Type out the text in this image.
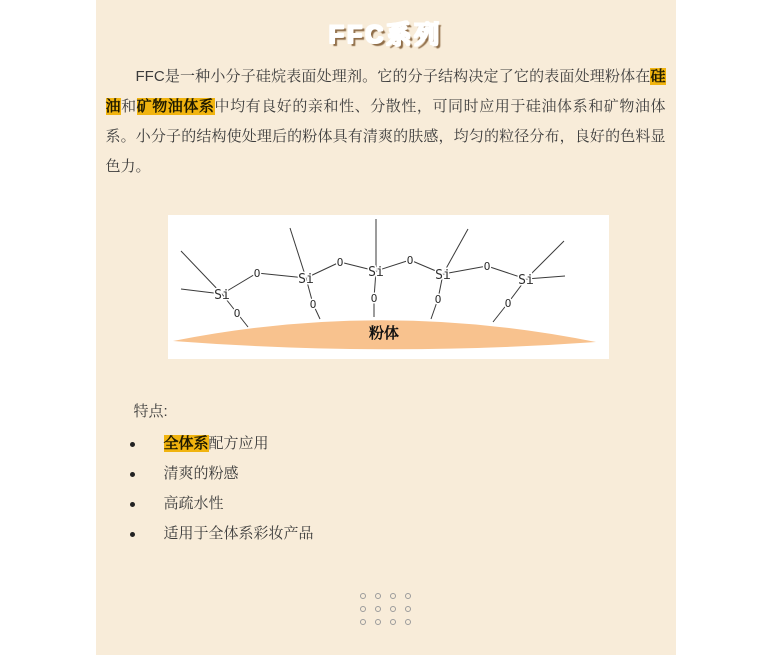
FFC系列

FFC是一种小分子硅烷表面处理剂。它的分子结构决定了它的表面处理粉体在硅油和矿物油体系中均有良好的亲和性、分散性，可同时应用于硅油体系和矿物油体系。小分子的结构使处理后的粉体具有清爽的肤感，均匀的粒径分布，良好的色料显色力。

Si
Si	Si	Si	Si
O
O	O	O
O
O	O	O	O
粉体
特点:
全体系配方应用
清爽的粉感
高疏水性
适用于全体系彩妆产品
